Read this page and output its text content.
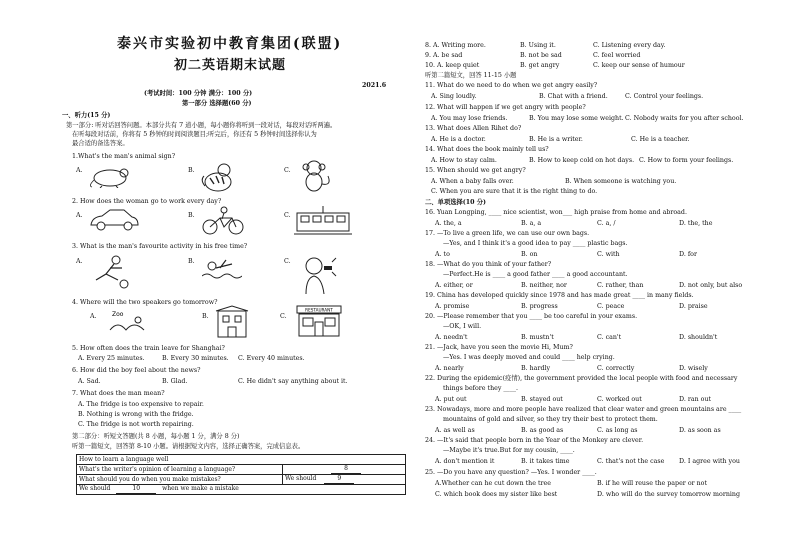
泰兴市实验初中教育集团(联盟)
初二英语期末试题
2021.6
(考试时间：100 分钟 满分：100 分)
第一部分 选择题(60 分)
一、听力(15 分)
第一部分: 听对话回答问题。本部分共有 7 道小题，每小题你将听到一段对话，每段对话听两遍。
在听每段对话前，你将有 5 秒钟的时间阅读题目;听完后，你还有 5 秒钟时间选择你认为
最合适的备选答案。
1.What's the man's animal sign?
A.	B.	C.
2. How does the woman go to work every day?
A.	B.	C.
3. What is the man's favourite activity in his free time?
A.	B.	C.
4. Where will the two speakers go tomorrow?
A.	Zoo	B.	C.
RESTAURANT
5. How often does the train leave for Shanghai?
A. Every 25 minutes.	B. Every 30 minutes. C. Every 40 minutes.
6. How did the boy feel about the news?
A. Sad.	B. Glad.	C. He didn't say anything about it.
7. What does the man mean?
A. The fridge is too expensive to repair.
B. Nothing is wrong with the fridge.
C. The fridge is not worth repairing.
第二部分：听短文答题(共 8 小题，每小题 1 分，满分 8 分)
听第一篇短文，回答第 8-10 小题。请根据短文内容，选择正确答案，完成信息表。
How to learn a language well	
What's the writer's opinion of learning a language?	8
What should you do when you make mistakes?	We should 9
We should 10 when we make a mistake	
8. A. Writing more.	B. Using it.	C. Listening every day.
9. A. be sad	B. not be sad	C. feel worried
10. A. keep quiet	B. get angry	C. keep our sense of humour
听第二篇短文，回答 11-15 小题
11. What do we need to do when we get angry easily?
A. Sing loudly.	B. Chat with a friend.	C. Control your feelings.
12. What will happen if we get angry with people?
A. You may lose friends.	B. You may lose some weight. C. Nobody waits for you after school.
13. What does Allen Rihet do?
A. He is a doctor.	B. He is a writer.	C. He is a teacher.
14. What does the book mainly tell us?
A. How to stay calm.	B. How to keep cold on hot days. C. How to form your feelings.
15. When should we get angry?
A. When a baby falls over.	B. When someone is watching you.
C. When you are sure that it is the right thing to do.
二、单项选择(10 分)
16. Yuan Longping, ____ nice scientist, won___ high praise from home and abroad.
A. the, a	B. a, a	C. a, /	D. the, the
17. —To live a green life, we can use our own bags.
—Yes, and I think it's a good idea to pay ____ plastic bags.
A. to	B. on	C. with	D. for
18. —What do you think of your father?
—Perfect.He is ____ a good father ____ a good accountant.
A. either, or	B. neither, nor	C. rather, than	D. not only, but also
19. China has developed quickly since 1978 and has made great ____ in many fields.
A. promise	B. progress	C. peace	D. praise
20. —Please remember that you ____ be too careful in your exams.
—OK, I will.
A. needn't	B. mustn't	C. can't	D. shouldn't
21. —Jack, have you seen the movie Hi, Mum?
—Yes. I was deeply moved and could ____ help crying.
A. nearly	B. hardly	C. correctly	D. wisely
22. During the epidemic(疫情), the government provided the local people with food and necessary
things before they ____.
A. put out	B. stayed out	C. worked out	D. ran out
23. Nowadays, more and more people have realized that clear water and green mountains are ____
mountains of gold and silver, so they try their best to protect them.
A. as well as	B. as good as	C. as long as	D. as soon as
24. —It's said that people born in the Year of the Monkey are clever.
—Maybe it's true.But for my cousin, ____.
A. don't mention it	B. it takes time	C. that's not the case D. I agree with you
25. —Do you have any question? —Yes. I wonder ____.
A.Whether can he cut down the tree	B. if he will reuse the paper or not
C. which book does my sister like best	D. who will do the survey tomorrow morning
